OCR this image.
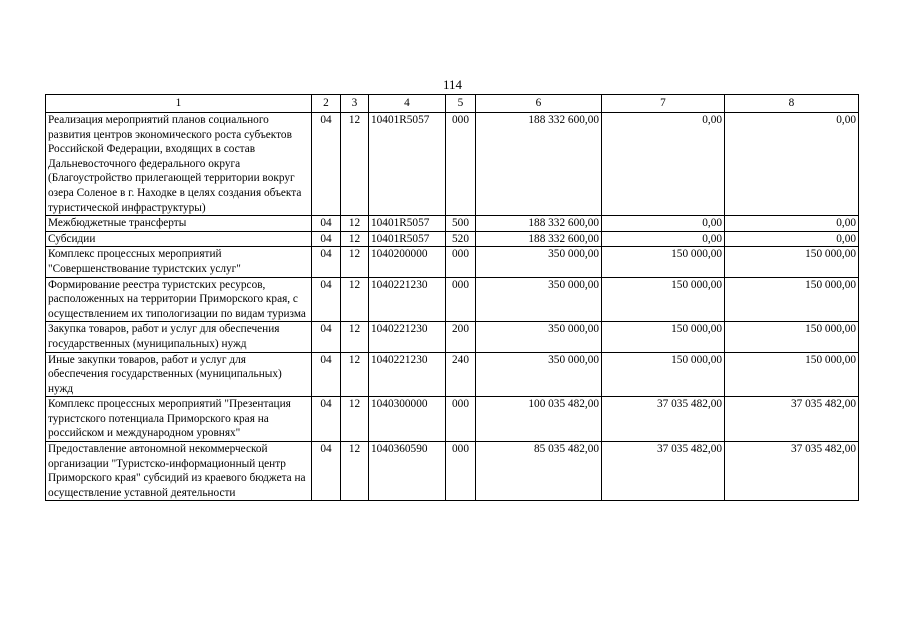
114
1	2	3	4	5	6	7	8
Реализация мероприятий планов социального развития центров экономического роста субъектов Российской Федерации, входящих в состав Дальневосточного федерального округа (Благоустройство прилегающей территории вокруг озера Соленое в г. Находке в целях создания объекта туристической инфраструктуры)	04	12	10401R5057	000	188 332 600,00	0,00	0,00
Межбюджетные трансферты	04	12	10401R5057	500	188 332 600,00	0,00	0,00
Субсидии	04	12	10401R5057	520	188 332 600,00	0,00	0,00
Комплекс процессных мероприятий "Совершенствование туристских услуг"	04	12	1040200000	000	350 000,00	150 000,00	150 000,00
Формирование реестра туристских ресурсов, расположенных на территории Приморского края, с осуществлением их типологизации по видам туризма	04	12	1040221230	000	350 000,00	150 000,00	150 000,00
Закупка товаров, работ и услуг для обеспечения государственных (муниципальных) нужд	04	12	1040221230	200	350 000,00	150 000,00	150 000,00
Иные закупки товаров, работ и услуг для обеспечения государственных (муниципальных) нужд	04	12	1040221230	240	350 000,00	150 000,00	150 000,00
Комплекс процессных мероприятий "Презентация туристского потенциала Приморского края на российском и международном уровнях"	04	12	1040300000	000	100 035 482,00	37 035 482,00	37 035 482,00
Предоставление автономной некоммерческой организации "Туристско-информационный центр Приморского края" субсидий из краевого бюджета на осуществление уставной деятельности	04	12	1040360590	000	85 035 482,00	37 035 482,00	37 035 482,00
